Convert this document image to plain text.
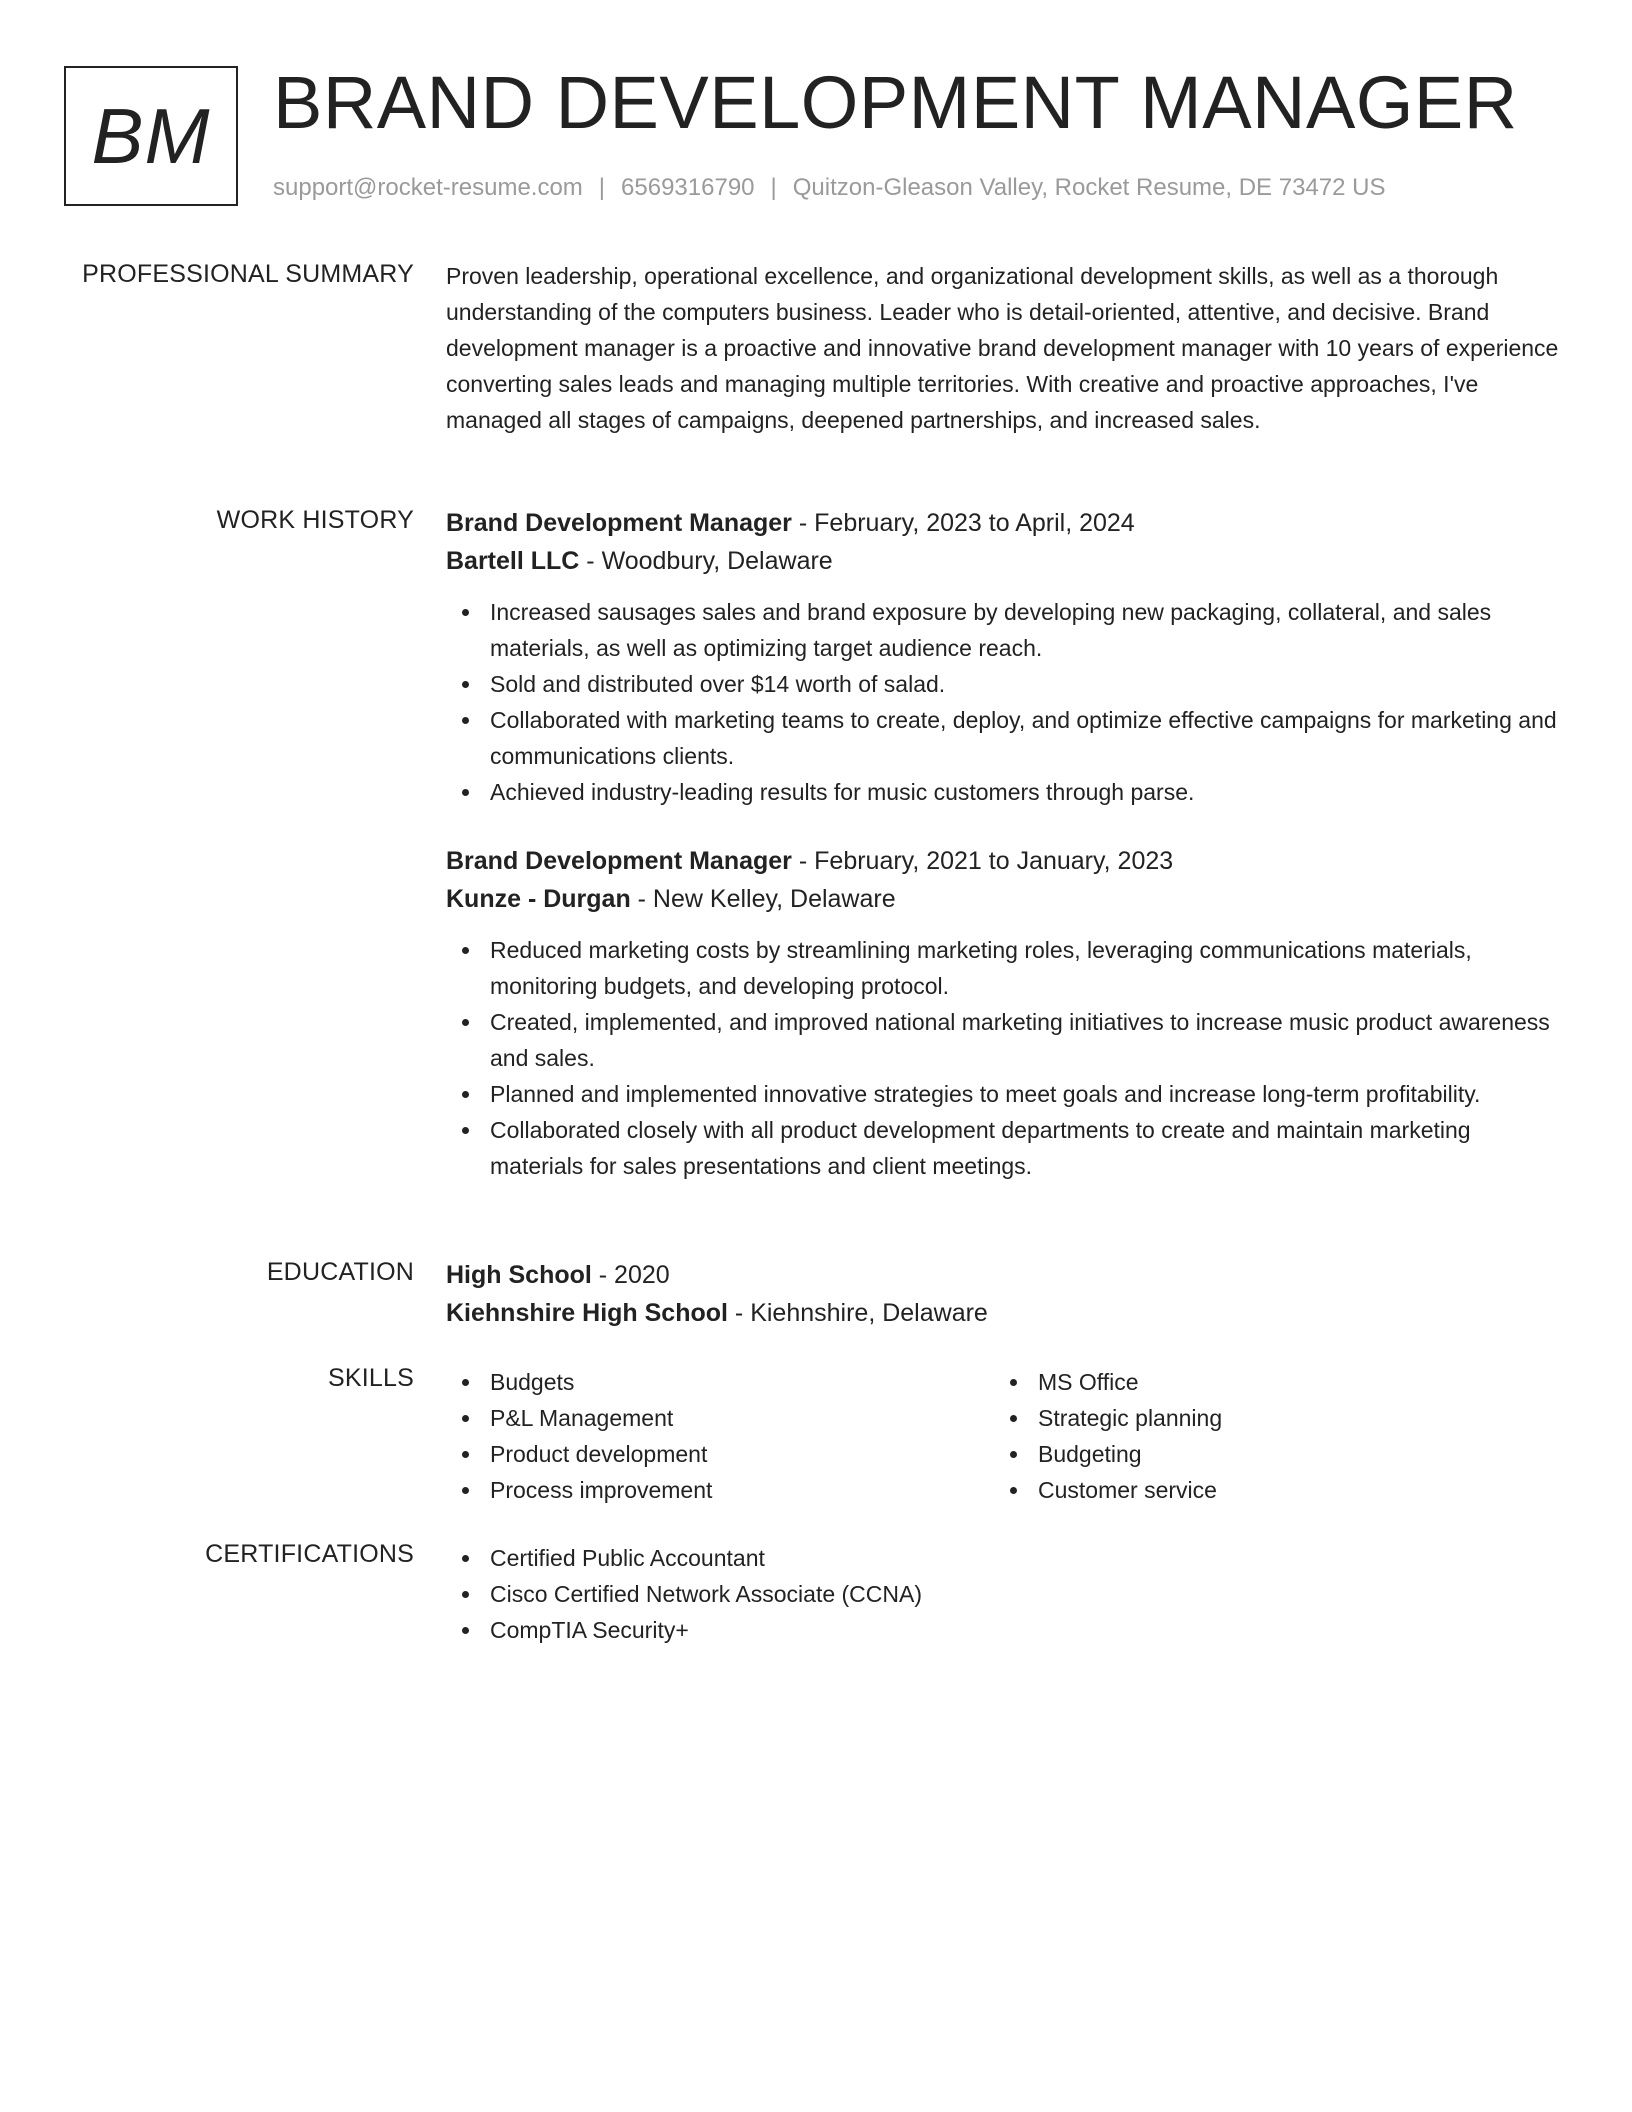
BM BRAND DEVELOPMENT MANAGER
support@rocket-resume.com | 6569316790 | Quitzon-Gleason Valley, Rocket Resume, DE 73472 US
PROFESSIONAL SUMMARY Proven leadership, operational excellence, and organizational development skills, as well as a thorough understanding of the computers business. Leader who is detail-oriented, attentive, and decisive. Brand development manager is a proactive and innovative brand development manager with 10 years of experience converting sales leads and managing multiple territories. With creative and proactive approaches, I've managed all stages of campaigns, deepened partnerships, and increased sales.

WORK HISTORY Brand Development Manager - February, 2023 to April, 2024
Bartell LLC - Woodbury, Delaware
Increased sausages sales and brand exposure by developing new packaging, collateral, and sales materials, as well as optimizing target audience reach.
Sold and distributed over $14 worth of salad.
Collaborated with marketing teams to create, deploy, and optimize effective campaigns for marketing and communications clients.
Achieved industry-leading results for music customers through parse.
Brand Development Manager - February, 2021 to January, 2023
Kunze - Durgan - New Kelley, Delaware
Reduced marketing costs by streamlining marketing roles, leveraging communications materials, monitoring budgets, and developing protocol.
Created, implemented, and improved national marketing initiatives to increase music product awareness and sales.
Planned and implemented innovative strategies to meet goals and increase long-term profitability.
Collaborated closely with all product development departments to create and maintain marketing materials for sales presentations and client meetings.
EDUCATION High School - 2020
Kiehnshire High School - Kiehnshire, Delaware
SKILLS	Budgets
P&L Management
Product development
Process improvement
MS Office
Strategic planning
Budgeting
Customer service
CERTIFICATIONS	Certified Public Accountant
Cisco Certified Network Associate (CCNA)
CompTIA Security+
